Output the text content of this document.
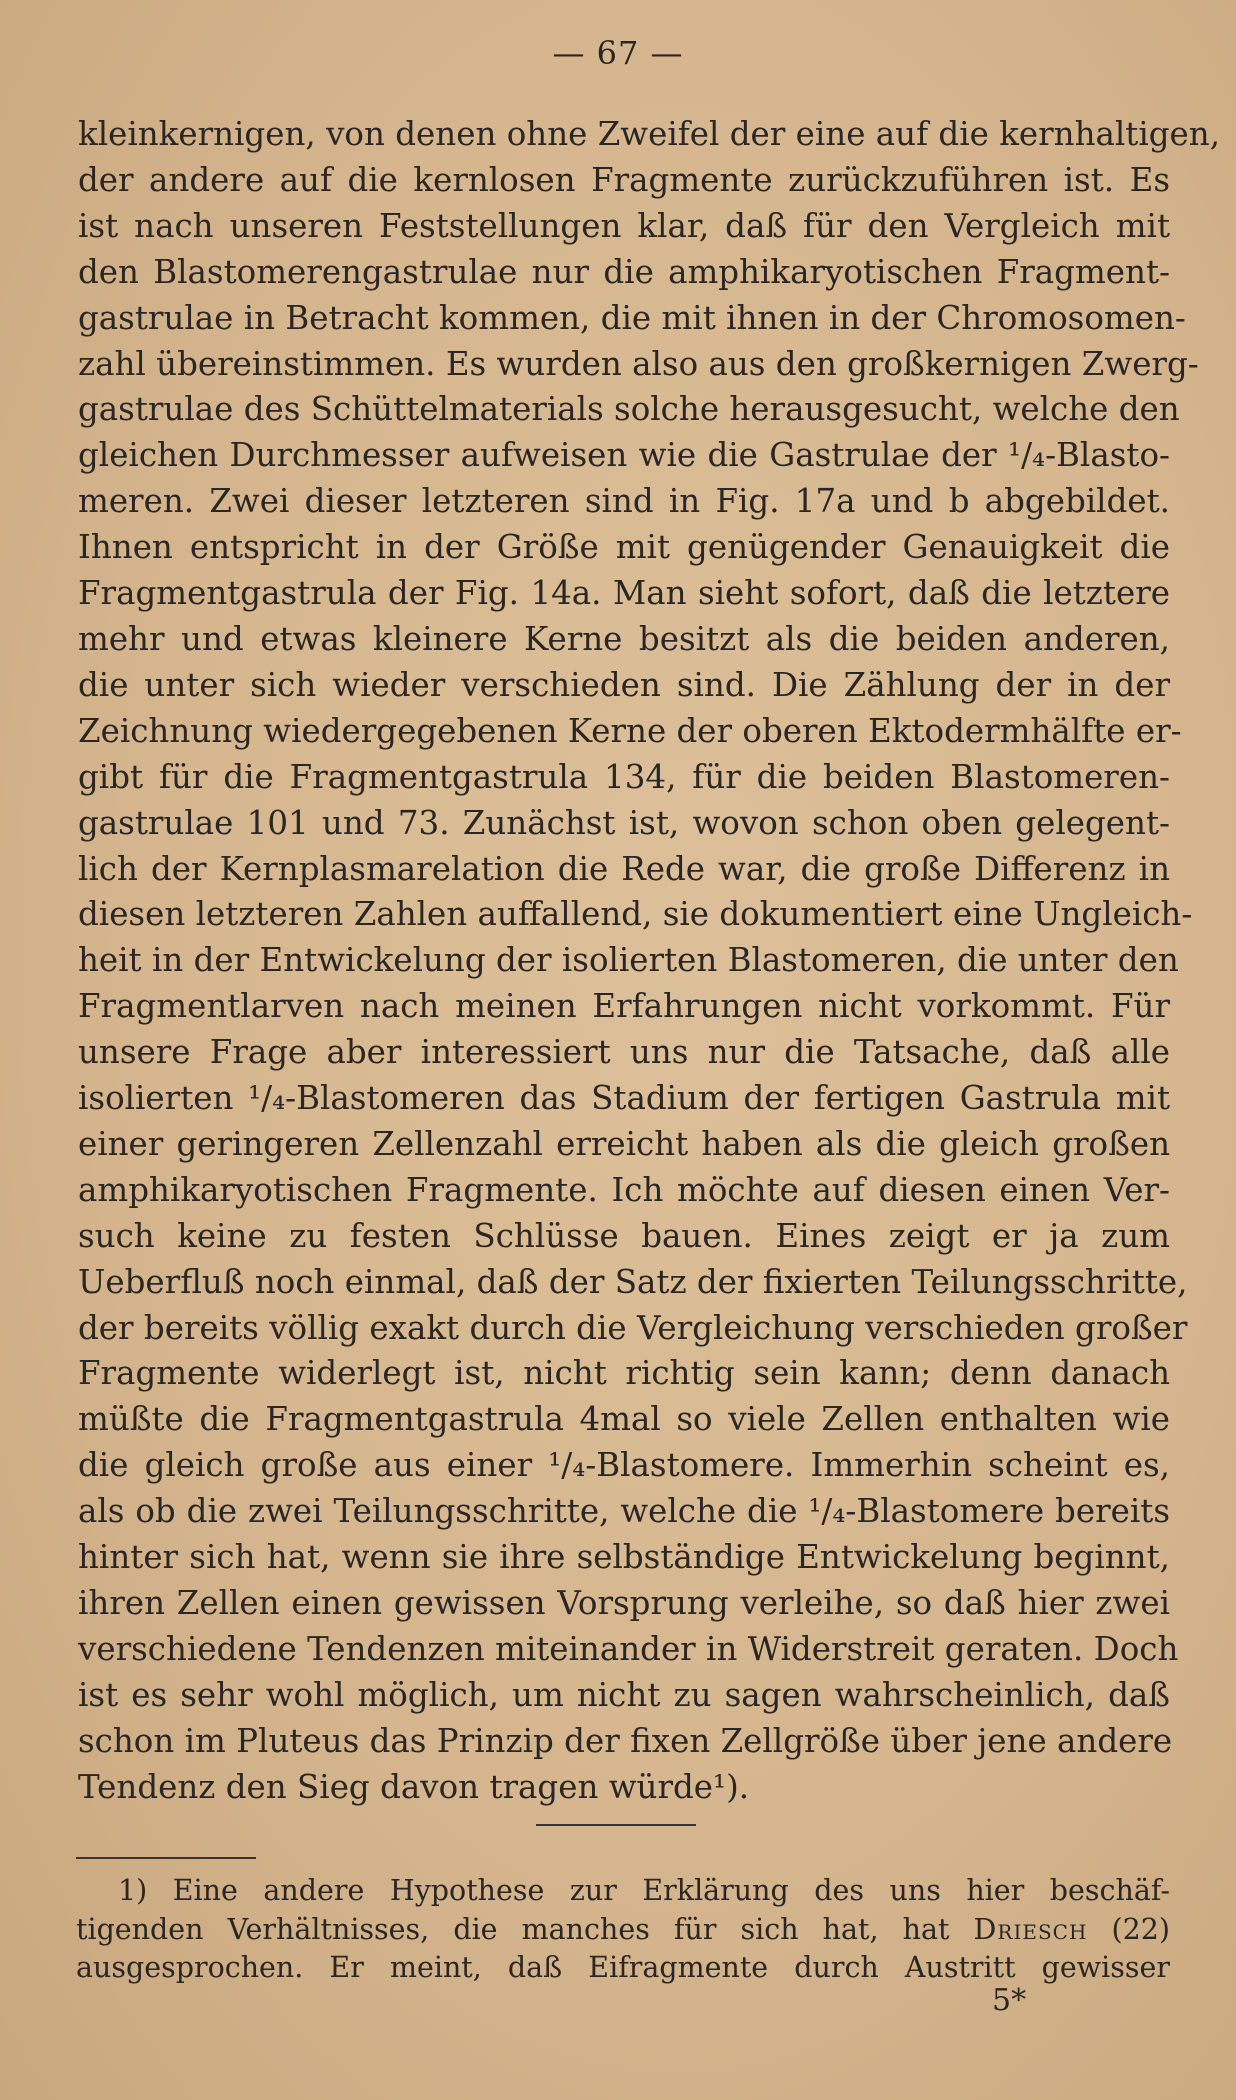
— 67 —
kleinkernigen, von denen ohne Zweifel der eine auf die kernhaltigen,
der andere auf die kernlosen Fragmente zurückzuführen ist. Es
ist nach unseren Feststellungen klar, daß für den Vergleich mit
den Blastomerengastrulae nur die amphikaryotischen Fragment-
gastrulae in Betracht kommen, die mit ihnen in der Chromosomen-
zahl übereinstimmen. Es wurden also aus den großkernigen Zwerg-
gastrulae des Schüttelmaterials solche herausgesucht, welche den
gleichen Durchmesser aufweisen wie die Gastrulae der ¹/₄-Blasto-
meren. Zwei dieser letzteren sind in Fig. 17a und b abgebildet.
Ihnen entspricht in der Größe mit genügender Genauigkeit die
Fragmentgastrula der Fig. 14a. Man sieht sofort, daß die letztere
mehr und etwas kleinere Kerne besitzt als die beiden anderen,
die unter sich wieder verschieden sind. Die Zählung der in der
Zeichnung wiedergegebenen Kerne der oberen Ektodermhälfte er-
gibt für die Fragmentgastrula 134, für die beiden Blastomeren-
gastrulae 101 und 73. Zunächst ist, wovon schon oben gelegent-
lich der Kernplasmarelation die Rede war, die große Differenz in
diesen letzteren Zahlen auffallend, sie dokumentiert eine Ungleich-
heit in der Entwickelung der isolierten Blastomeren, die unter den
Fragmentlarven nach meinen Erfahrungen nicht vorkommt. Für
unsere Frage aber interessiert uns nur die Tatsache, daß alle
isolierten ¹/₄-Blastomeren das Stadium der fertigen Gastrula mit
einer geringeren Zellenzahl erreicht haben als die gleich großen
amphikaryotischen Fragmente. Ich möchte auf diesen einen Ver-
such keine zu festen Schlüsse bauen. Eines zeigt er ja zum
Ueberfluß noch einmal, daß der Satz der fixierten Teilungsschritte,
der bereits völlig exakt durch die Vergleichung verschieden großer
Fragmente widerlegt ist, nicht richtig sein kann; denn danach
müßte die Fragmentgastrula 4mal so viele Zellen enthalten wie
die gleich große aus einer ¹/₄-Blastomere. Immerhin scheint es,
als ob die zwei Teilungsschritte, welche die ¹/₄-Blastomere bereits
hinter sich hat, wenn sie ihre selbständige Entwickelung beginnt,
ihren Zellen einen gewissen Vorsprung verleihe, so daß hier zwei
verschiedene Tendenzen miteinander in Widerstreit geraten. Doch
ist es sehr wohl möglich, um nicht zu sagen wahrscheinlich, daß
schon im Pluteus das Prinzip der fixen Zellgröße über jene andere
Tendenz den Sieg davon tragen würde¹).
1) Eine andere Hypothese zur Erklärung des uns hier beschäf-
tigenden Verhältnisses, die manches für sich hat, hat Driesch (22)
ausgesprochen. Er meint, daß Eifragmente durch Austritt gewisser
5*
